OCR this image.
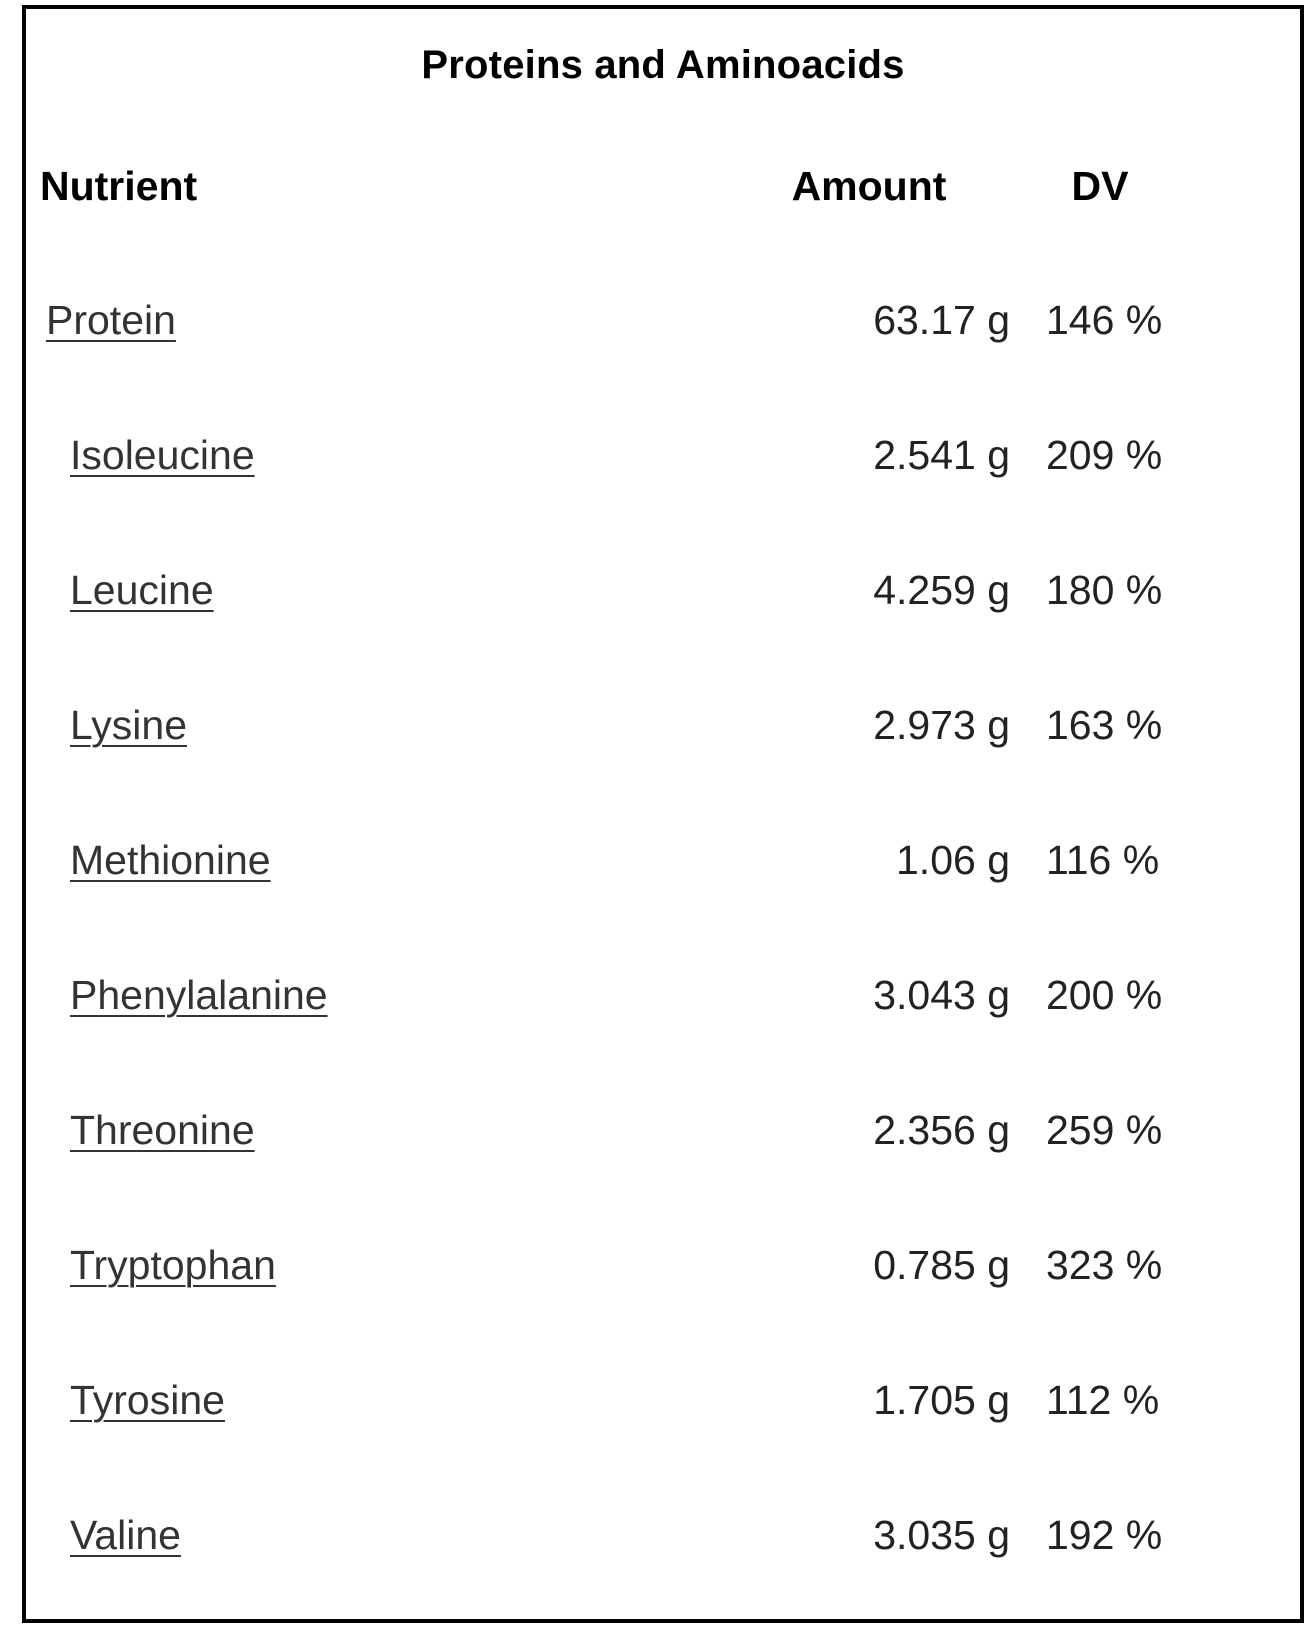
Proteins and Aminoacids
Nutrient	Amount	DV
Protein	63.17 g 146 %
Isoleucine	2.541 g 209 %
Leucine	4.259 g 180 %
Lysine	2.973 g 163 %
Methionine	1.06 g 116 %
Phenylalanine	3.043 g 200 %
Threonine	2.356 g 259 %
Tryptophan	0.785 g 323 %
Tyrosine	1.705 g 112 %
Valine	3.035 g 192 %
